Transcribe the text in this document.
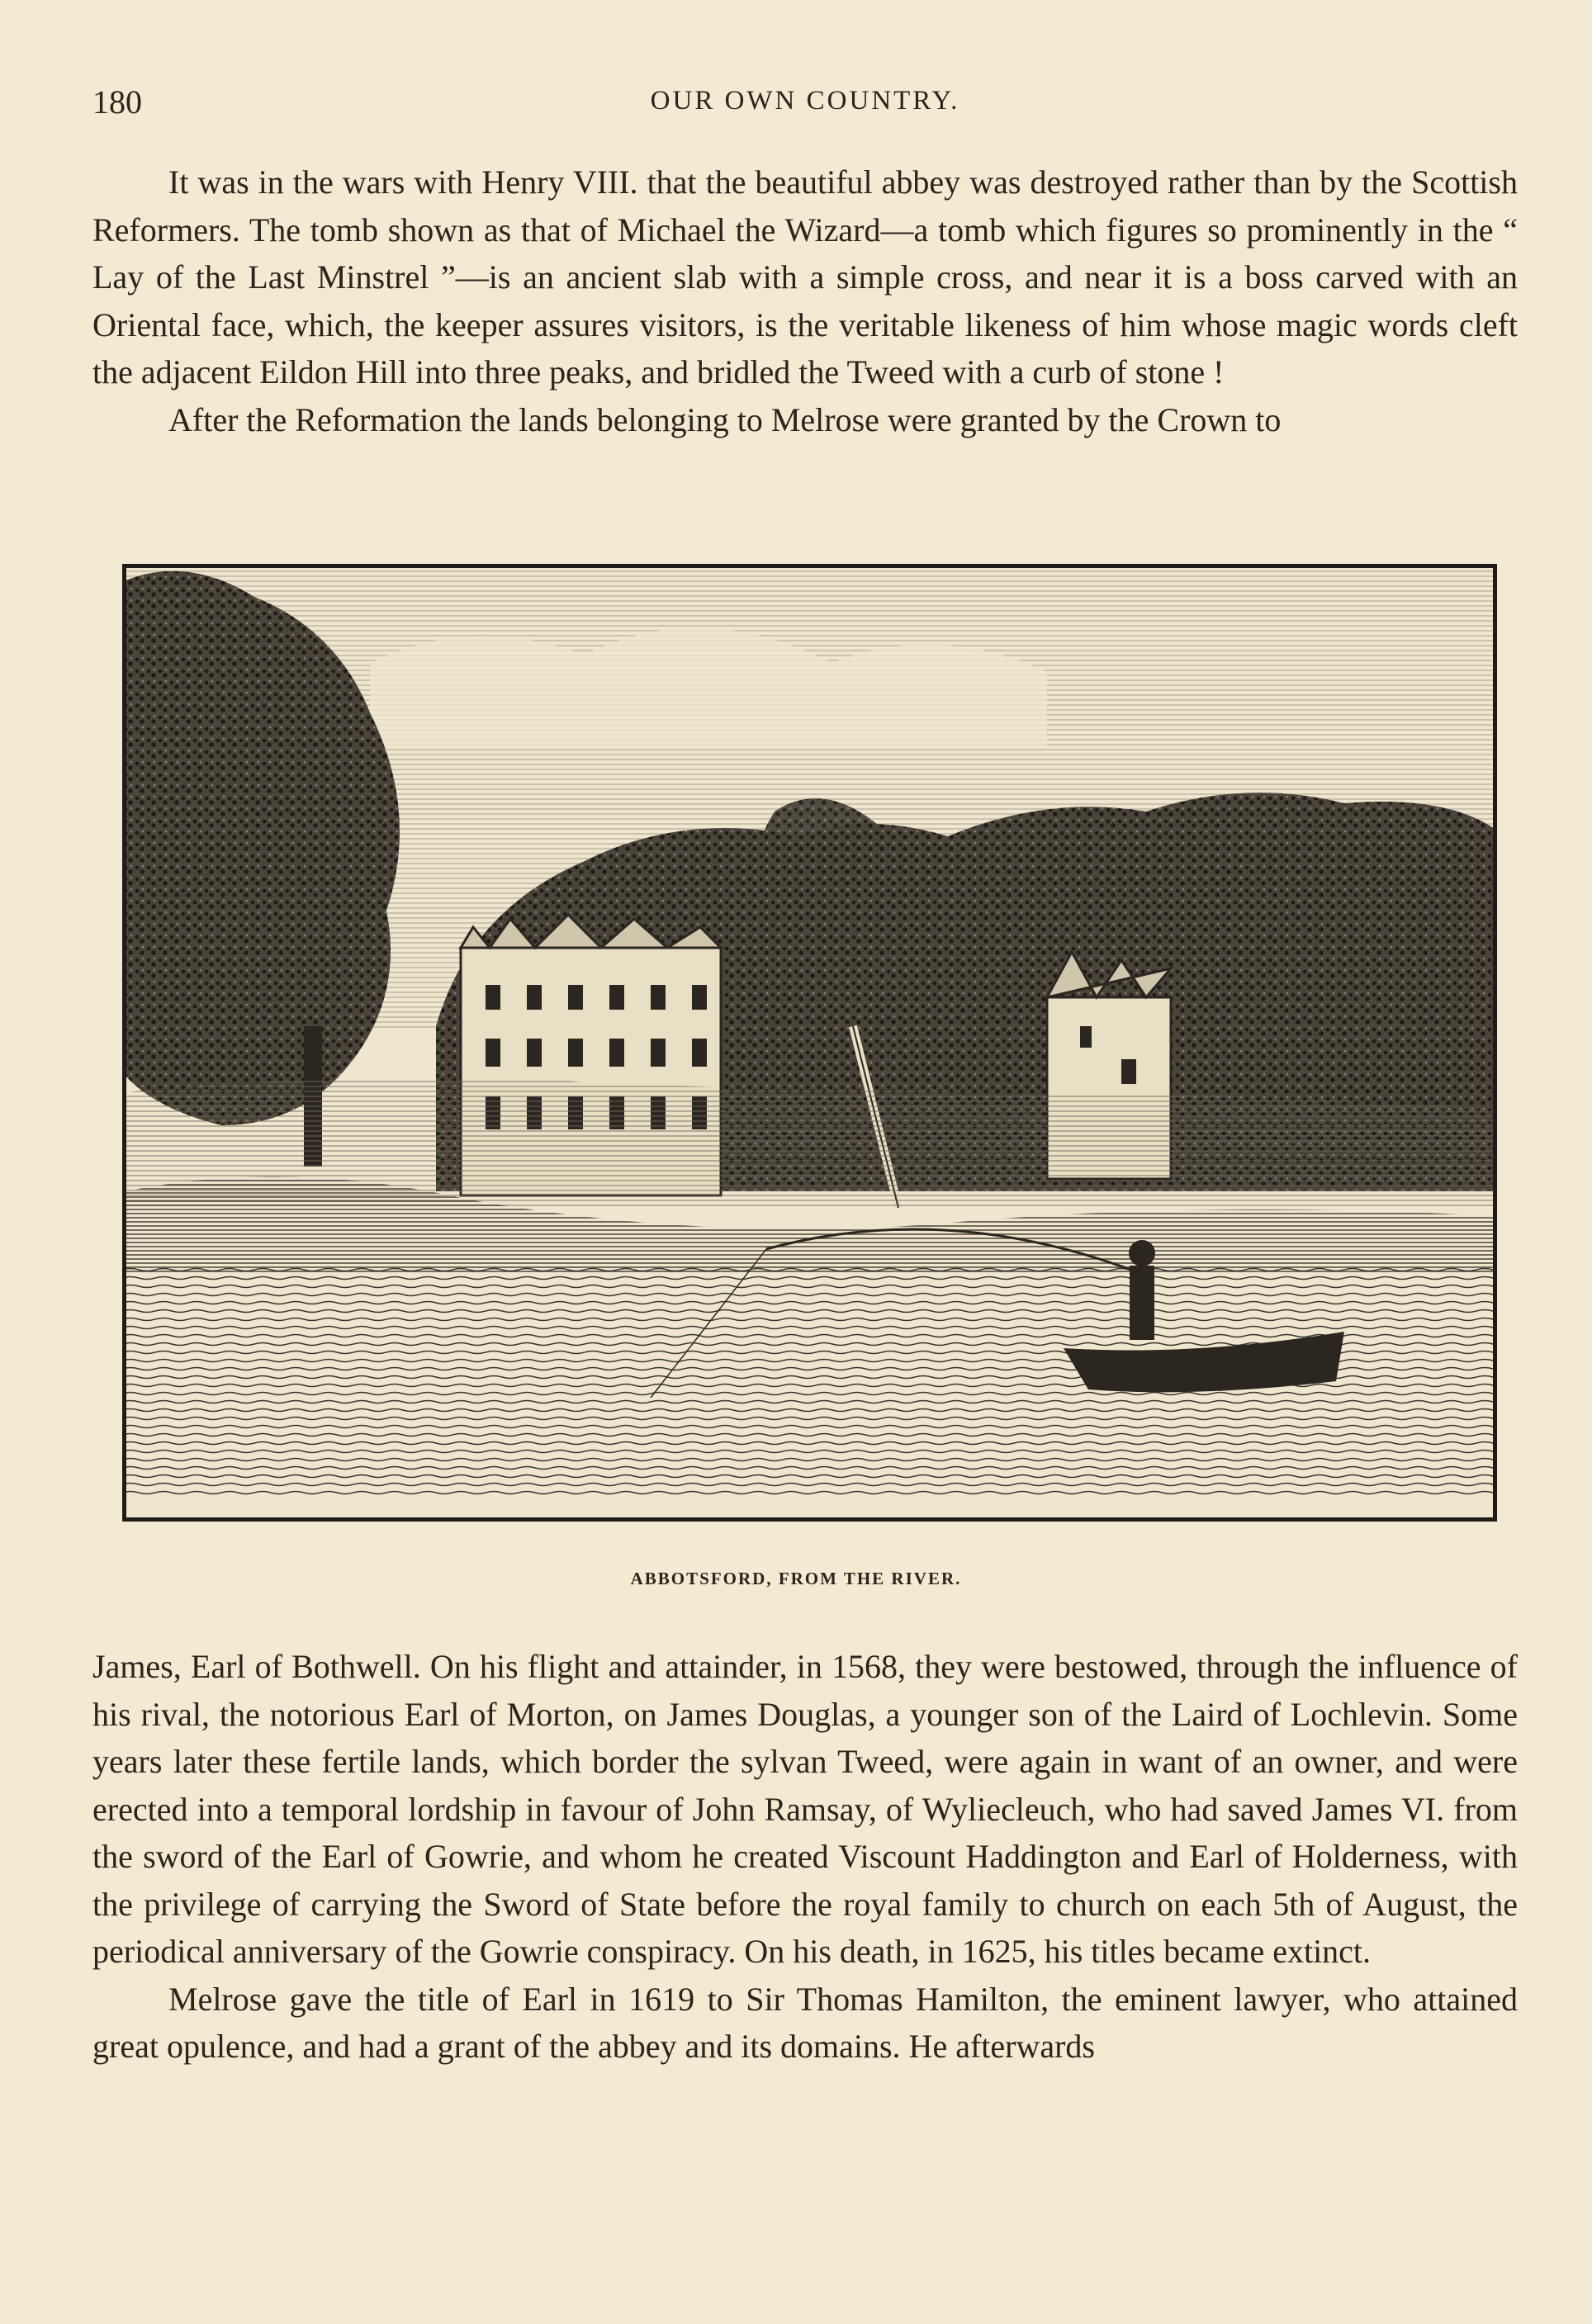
180	OUR OWN COUNTRY.

It was in the wars with Henry VIII. that the beautiful abbey was destroyed rather than by the Scottish Reformers. The tomb shown as that of Michael the Wizard—a tomb which figures so prominently in the “ Lay of the Last Minstrel ”—is an ancient slab with a simple cross, and near it is a boss carved with an Oriental face, which, the keeper assures visitors, is the veritable likeness of him whose magic words cleft the adjacent Eildon Hill into three peaks, and bridled the Tweed with a curb of stone !

After the Reformation the lands belonging to Melrose were granted by the Crown to

ABBOTSFORD, FROM THE RIVER.

James, Earl of Bothwell. On his flight and attainder, in 1568, they were bestowed, through the influence of his rival, the notorious Earl of Morton, on James Douglas, a younger son of the Laird of Lochlevin. Some years later these fertile lands, which border the sylvan Tweed, were again in want of an owner, and were erected into a temporal lordship in favour of John Ramsay, of Wyliecleuch, who had saved James VI. from the sword of the Earl of Gowrie, and whom he created Viscount Haddington and Earl of Holderness, with the privilege of carrying the Sword of State before the royal family to church on each 5th of August, the periodical anniversary of the Gowrie conspiracy. On his death, in 1625, his titles became extinct.

Melrose gave the title of Earl in 1619 to Sir Thomas Hamilton, the eminent lawyer, who attained great opulence, and had a grant of the abbey and its domains. He afterwards
